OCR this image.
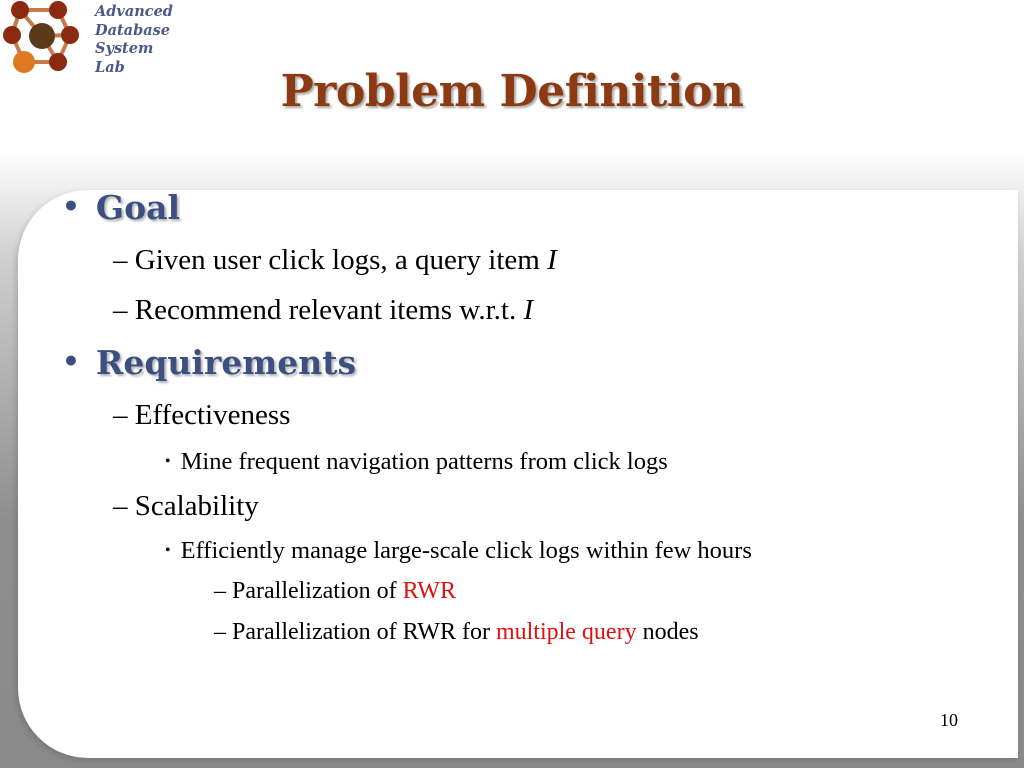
Advanced
Database
System
Lab	Problem Definition
• Goal
– Given user click logs, a query item I
– Recommend relevant items w.r.t. I
• Requirements
– Effectiveness
• Mine frequent navigation patterns from click logs
– Scalability
• Efficiently manage large-scale click logs within few hours
– Parallelization of RWR
– Parallelization of RWR for multiple query nodes
10
